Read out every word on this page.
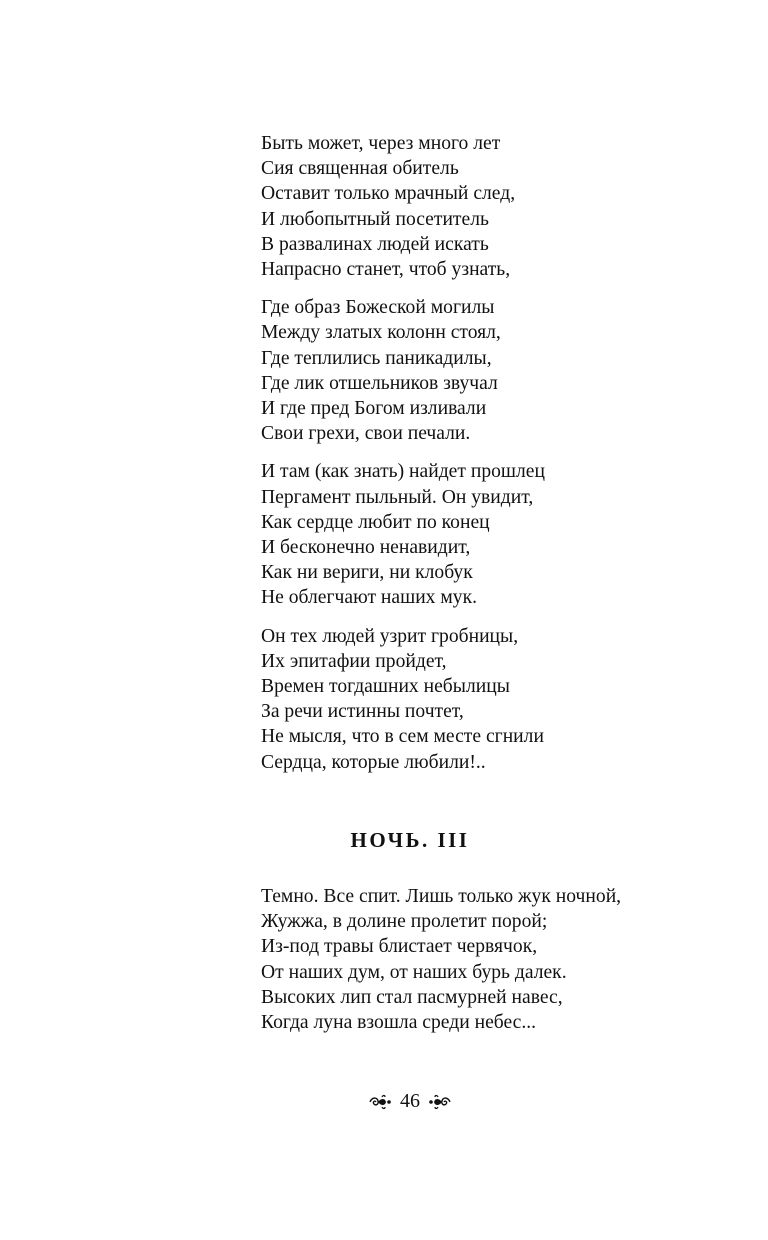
Быть может, через много лет
Сия священная обитель
Оставит только мрачный след,
И любопытный посетитель
В развалинах людей искать
Напрасно станет, чтоб узнать,
Где образ Божеской могилы
Между златых колонн стоял,
Где теплились паникадилы,
Где лик отшельников звучал
И где пред Богом изливали
Свои грехи, свои печали.
И там (как знать) найдет прошлец
Пергамент пыльный. Он увидит,
Как сердце любит по конец
И бесконечно ненавидит,
Как ни вериги, ни клобук
Не облегчают наших мук.
Он тех людей узрит гробницы,
Их эпитафии пройдет,
Времен тогдашних небылицы
За речи истинны почтет,
Не мысля, что в сем месте сгнили
Сердца, которые любили!..
НОЧЬ. III
Темно. Все спит. Лишь только жук ночной,
Жужжа, в долине пролетит порой;
Из-под травы блистает червячок,
От наших дум, от наших бурь далек.
Высоких лип стал пасмурней навес,
Когда луна взошла среди небес...
46
